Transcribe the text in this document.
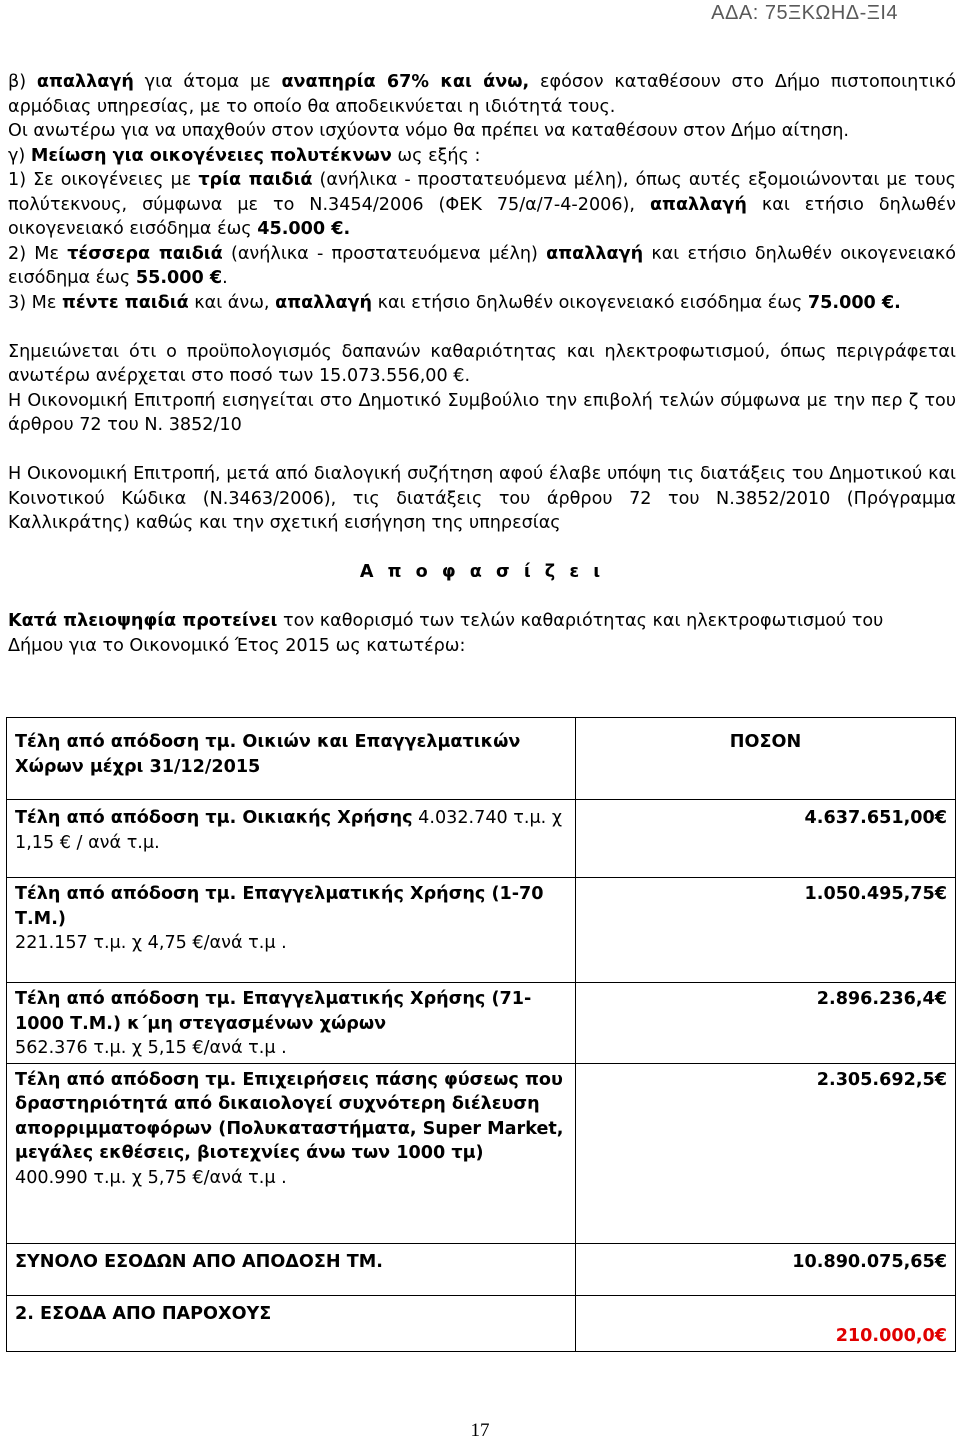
ΑΔΑ: 75ΞΚΩΗΔ-ΞΙ4

β) απαλλαγή για άτομα με αναπηρία 67% και άνω, εφόσον καταθέσουν στο Δήμο πιστοποιητικό αρμόδιας υπηρεσίας, με το οποίο θα αποδεικνύεται η ιδιότητά τους.

Οι ανωτέρω για να υπαχθούν στον ισχύοντα νόμο θα πρέπει να καταθέσουν στον Δήμο αίτηση.

γ) Μείωση για οικογένειες πολυτέκνων ως εξής :
1) Σε οικογένειες με τρία παιδιά (ανήλικα - προστατευόμενα μέλη), όπως αυτές εξομοιώνονται με τους πολύτεκνους, σύμφωνα με το Ν.3454/2006 (ΦΕΚ 75/α/7-4-2006), απαλλαγή και ετήσιο δηλωθέν οικογενειακό εισόδημα έως 45.000 €.

2) Με τέσσερα παιδιά (ανήλικα - προστατευόμενα μέλη) απαλλαγή και ετήσιο δηλωθέν οικογενειακό εισόδημα έως 55.000 €.

3) Με πέντε παιδιά και άνω, απαλλαγή και ετήσιο δηλωθέν οικογενειακό εισόδημα έως 75.000 €.

Σημειώνεται ότι ο προϋπολογισμός δαπανών καθαριότητας και ηλεκτροφωτισμού, όπως περιγράφεται ανωτέρω ανέρχεται στο ποσό των 15.073.556,00 €.

Η Οικονομική Επιτροπή εισηγείται στο Δημοτικό Συμβούλιο την επιβολή τελών σύμφωνα με την περ ζ του άρθρου 72 του Ν. 3852/10

Η Οικονομική Επιτροπή, μετά από διαλογική συζήτηση αφού έλαβε υπόψη τις διατάξεις του Δημοτικού και Κοινοτικού Κώδικα (Ν.3463/2006), τις διατάξεις του άρθρου 72 του Ν.3852/2010 (Πρόγραμμα Καλλικράτης) καθώς και την σχετική εισήγηση της υπηρεσίας

Α π ο φ α σ ί ζ ε ι

Κατά πλειοψηφία προτείνει τον καθορισμό των τελών καθαριότητας και ηλεκτροφωτισμού του
Δήμου για το Οικονομικό Έτος 2015 ως κατωτέρω:

Τέλη από απόδοση τμ. Οικιών και Επαγγελματικών Χώρων μέχρι 31/12/2015	ΠΟΣΟΝ
Τέλη από απόδοση τμ. Οικιακής Χρήσης 4.032.740 τ.μ. χ 1,15 € / ανά τ.μ.	4.637.651,00€
Τέλη από απόδοση τμ. Επαγγελματικής Χρήσης (1-70 Τ.Μ.)
221.157 τ.μ. χ 4,75 €/ανά τ.μ .	1.050.495,75€
Τέλη από απόδοση τμ. Επαγγελματικής Χρήσης (71-1000 Τ.Μ.) κ΄μη στεγασμένων χώρων
562.376 τ.μ. χ 5,15 €/ανά τ.μ .	2.896.236,4€
Τέλη από απόδοση τμ. Επιχειρήσεις πάσης φύσεως που δραστηριότητά από δικαιολογεί συχνότερη διέλευση απορριμματοφόρων (Πολυκαταστήματα, Super Market, μεγάλες εκθέσεις, βιοτεχνίες άνω των 1000 τμ)
400.990 τ.μ. χ 5,75 €/ανά τ.μ .	2.305.692,5€
ΣΥΝΟΛΟ ΕΣΟΔΩΝ ΑΠΟ ΑΠΟΔΟΣΗ ΤΜ.	10.890.075,65€
2. ΕΣΟΔΑ ΑΠΟ ΠΑΡΟΧΟΥΣ	210.000,0€
17
